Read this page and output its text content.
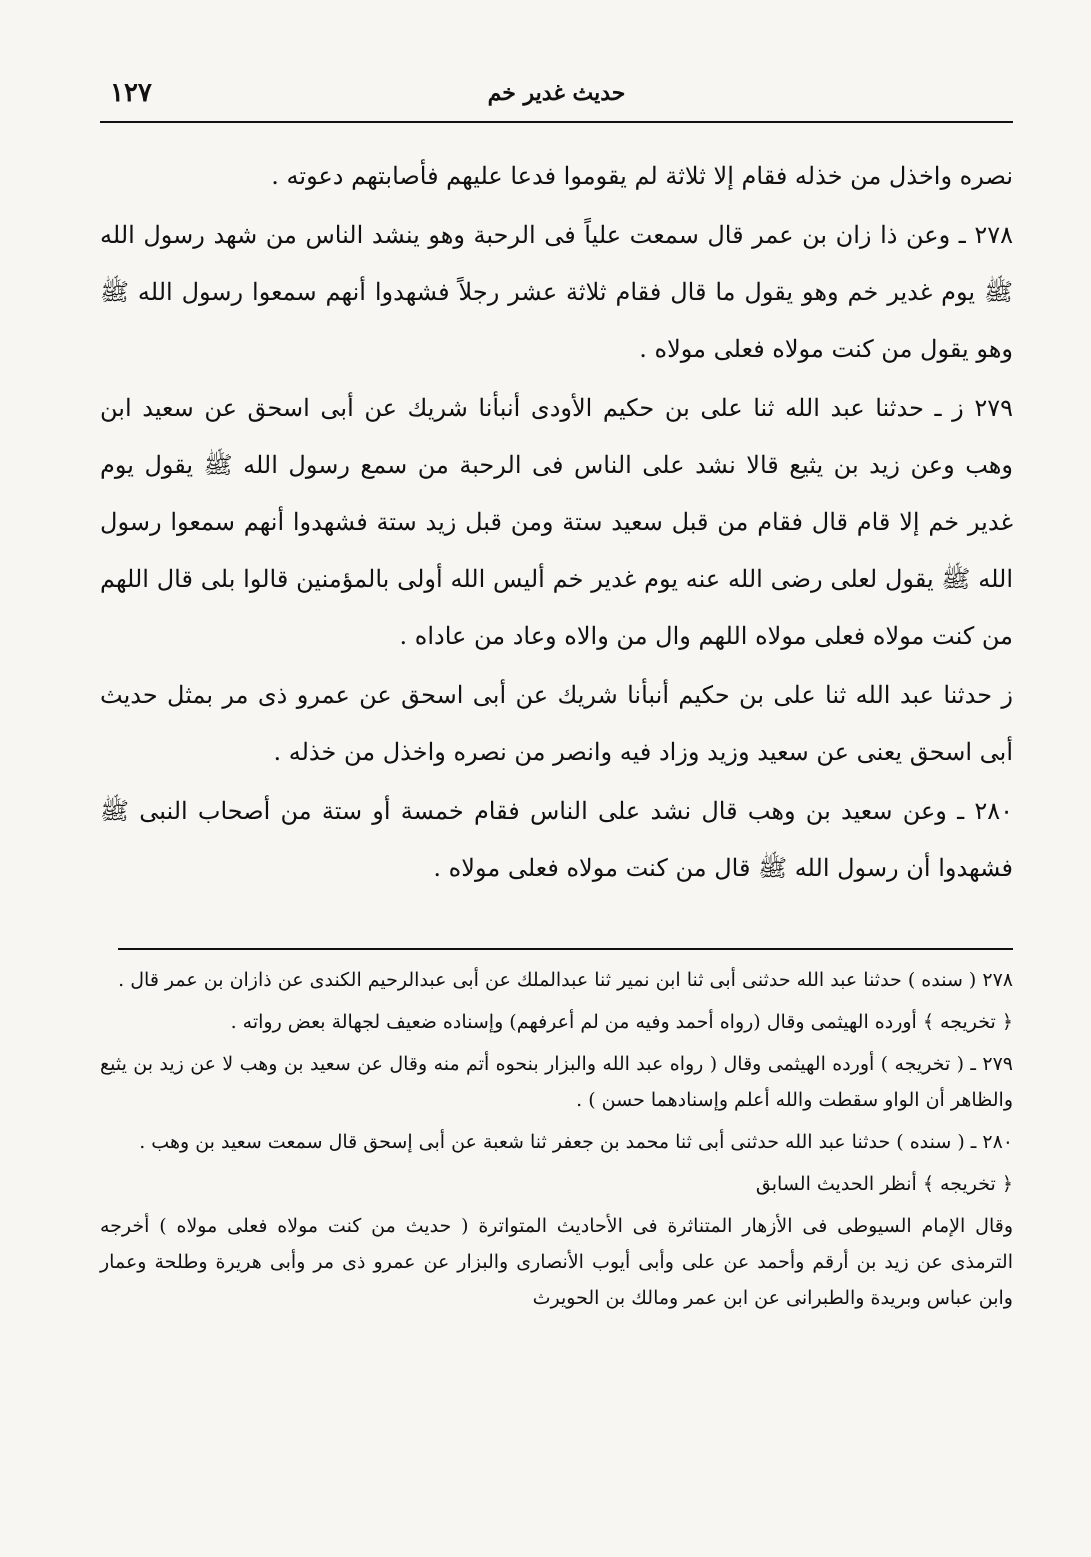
حديث غدير خم
١٢٧

نصره واخذل من خذله فقام إلا ثلاثة لم يقوموا فدعا عليهم فأصابتهم دعوته .

٢٧٨ ـ وعن ذا زان بن عمر قال سمعت علياً فى الرحبة وهو ينشد الناس من شهد رسول الله ﷺ يوم غدير خم وهو يقول ما قال فقام ثلاثة عشر رجلاً فشهدوا أنهم سمعوا رسول الله ﷺ وهو يقول من كنت مولاه فعلى مولاه .

٢٧٩ ز ـ حدثنا عبد الله ثنا على بن حكيم الأودى أنبأنا شريك عن أبى اسحق عن سعيد ابن وهب وعن زيد بن يثيع قالا نشد على الناس فى الرحبة من سمع رسول الله ﷺ يقول يوم غدير خم إلا قام قال فقام من قبل سعيد ستة ومن قبل زيد ستة فشهدوا أنهم سمعوا رسول الله ﷺ يقول لعلى رضى الله عنه يوم غدير خم أليس الله أولى بالمؤمنين قالوا بلى قال اللهم من كنت مولاه فعلى مولاه اللهم وال من والاه وعاد من عاداه .

ز حدثنا عبد الله ثنا على بن حكيم أنبأنا شريك عن أبى اسحق عن عمرو ذى مر بمثل حديث أبى اسحق يعنى عن سعيد وزيد وزاد فيه وانصر من نصره واخذل من خذله .

٢٨٠ ـ وعن سعيد بن وهب قال نشد على الناس فقام خمسة أو ستة من أصحاب النبى ﷺ فشهدوا أن رسول الله ﷺ قال من كنت مولاه فعلى مولاه .

٢٧٨ ( سنده ) حدثنا عبد الله حدثنى أبى ثنا ابن نمير ثنا عبدالملك عن أبى عبدالرحيم الكندى عن ذازان بن عمر قال .

﴿ تخريجه ﴾ أورده الهيثمى وقال (رواه أحمد وفيه من لم أعرفهم) وإسناده ضعيف لجهالة بعض رواته .

٢٧٩ ـ ( تخريجه ) أورده الهيثمى وقال ( رواه عبد الله والبزار بنحوه أتم منه وقال عن سعيد بن وهب لا عن زيد بن يثيع والظاهر أن الواو سقطت والله أعلم وإسنادهما حسن ) .

٢٨٠ ـ ( سنده ) حدثنا عبد الله حدثنى أبى ثنا محمد بن جعفر ثنا شعبة عن أبى إسحق قال سمعت سعيد بن وهب .

﴿ تخريجه ﴾ أنظر الحديث السابق

وقال الإمام السيوطى فى الأزهار المتناثرة فى الأحاديث المتواترة ( حديث من كنت مولاه فعلى مولاه ) أخرجه الترمذى عن زيد بن أرقم وأحمد عن على وأبى أيوب الأنصارى والبزار عن عمرو ذى مر وأبى هريرة وطلحة وعمار وابن عباس وبريدة والطبرانى عن ابن عمر ومالك بن الحويرث
